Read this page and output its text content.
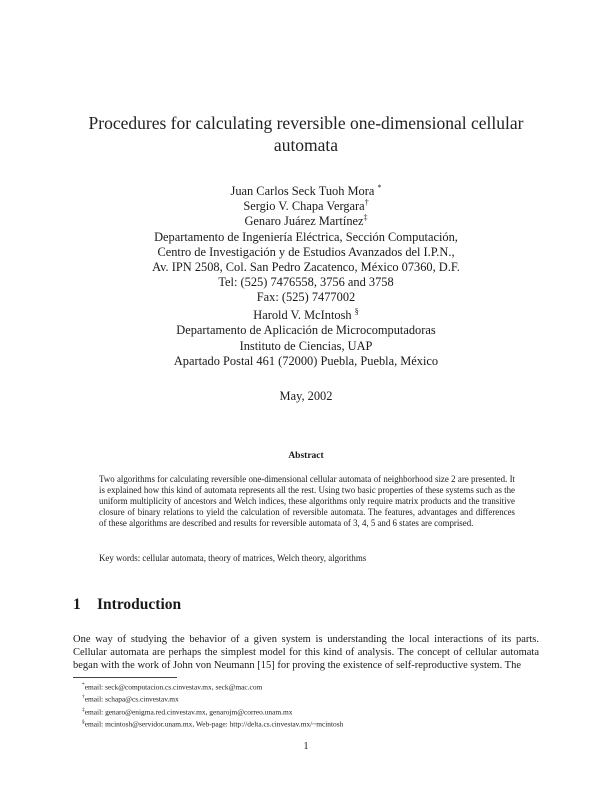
Procedures for calculating reversible one-dimensional cellular automata
Juan Carlos Seck Tuoh Mora *
Sergio V. Chapa Vergara†
Genaro Juárez Martínez‡
Departamento de Ingeniería Eléctrica, Sección Computación,
Centro de Investigación y de Estudios Avanzados del I.P.N.,
Av. IPN 2508, Col. San Pedro Zacatenco, México 07360, D.F.
Tel: (525) 7476558, 3756 and 3758
Fax: (525) 7477002
Harold V. McIntosh §
Departamento de Aplicación de Microcomputadoras
Instituto de Ciencias, UAP
Apartado Postal 461 (72000) Puebla, Puebla, México
May, 2002
Abstract
Two algorithms for calculating reversible one-dimensional cellular automata of neighborhood size 2 are presented. It is explained how this kind of automata represents all the rest. Using two basic properties of these systems such as the uniform multiplicity of ancestors and Welch indices, these algorithms only require matrix products and the transitive closure of binary relations to yield the calculation of reversible automata. The features, advantages and differences of these algorithms are described and results for reversible automata of 3, 4, 5 and 6 states are comprised.
Key words: cellular automata, theory of matrices, Welch theory, algorithms
1 Introduction
One way of studying the behavior of a given system is understanding the local interactions of its parts. Cellular automata are perhaps the simplest model for this kind of analysis. The concept of cellular automata began with the work of John von Neumann [15] for proving the existence of self-reproductive system. The
*email: seck@computacion.cs.cinvestav.mx, seck@mac.com
†email: schapa@cs.cinvestav.mx
‡email: genaro@enigma.red.cinvestav.mx, genarojm@correo.unam.mx
§email: mcintosh@servidor.unam.mx, Web-page: http://delta.cs.cinvestav.mx/~mcintosh
1
